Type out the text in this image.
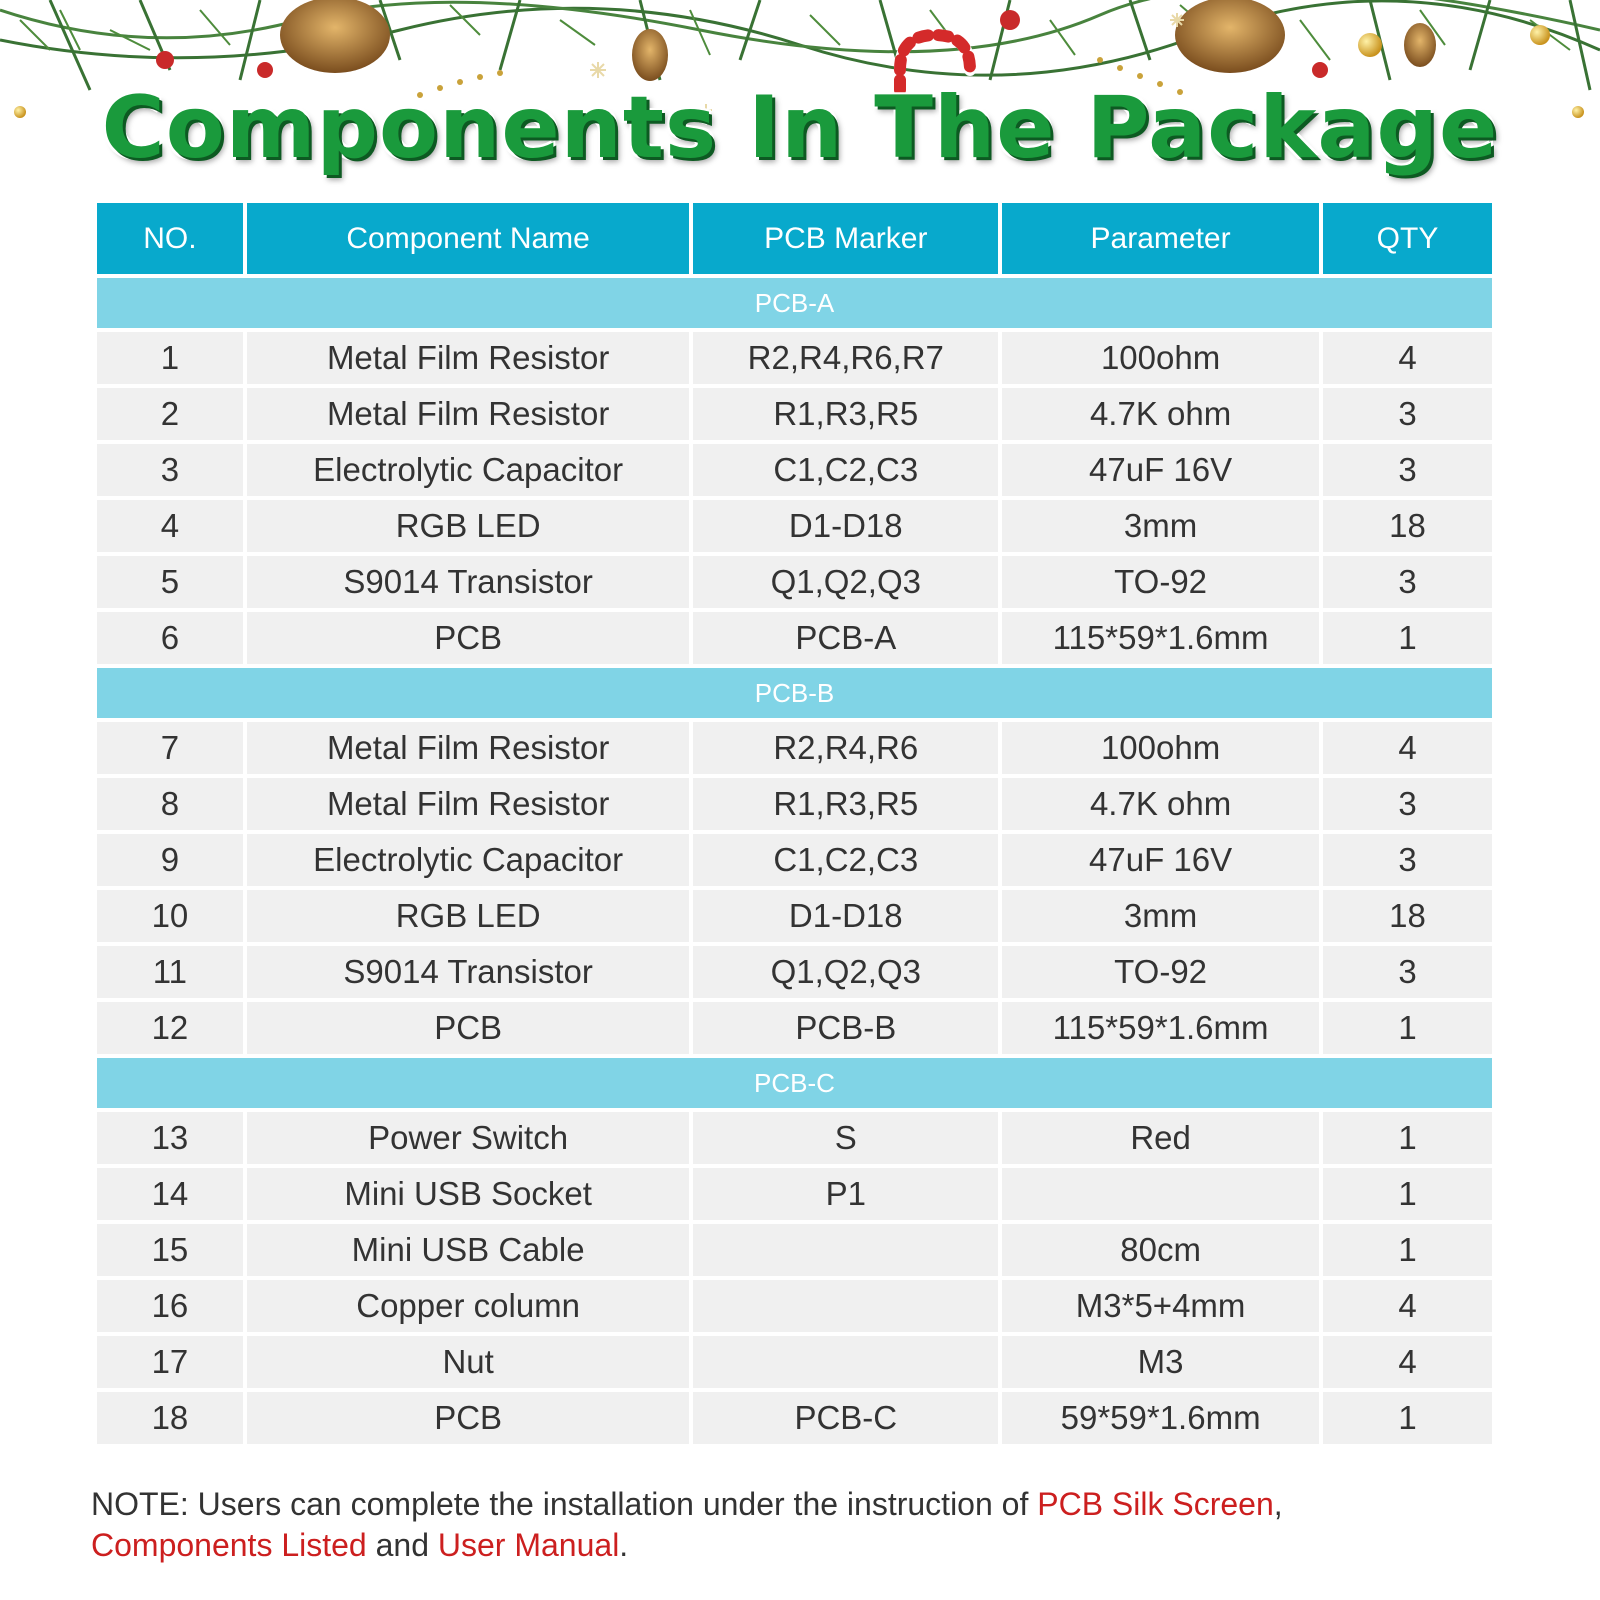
Components In The Package
NO.	Component Name	PCB Marker	Parameter	QTY
PCB-A				
1	Metal Film Resistor	R2,R4,R6,R7	100ohm	4
2	Metal Film Resistor	R1,R3,R5	4.7K ohm	3
3	Electrolytic Capacitor	C1,C2,C3	47uF 16V	3
4	RGB LED	D1-D18	3mm	18
5	S9014 Transistor	Q1,Q2,Q3	TO-92	3
6	PCB	PCB-A	115*59*1.6mm	1
PCB-B				
7	Metal Film Resistor	R2,R4,R6	100ohm	4
8	Metal Film Resistor	R1,R3,R5	4.7K ohm	3
9	Electrolytic Capacitor	C1,C2,C3	47uF 16V	3
10	RGB LED	D1-D18	3mm	18
11	S9014 Transistor	Q1,Q2,Q3	TO-92	3
12	PCB	PCB-B	115*59*1.6mm	1
PCB-C				
13	Power Switch	S	Red	1
14	Mini USB Socket	P1		1
15	Mini USB Cable		80cm	1
16	Copper column		M3*5+4mm	4
17	Nut		M3	4
18	PCB	PCB-C	59*59*1.6mm	1
NOTE: Users can complete the installation under the instruction of PCB Silk Screen,
Components Listed and User Manual.
